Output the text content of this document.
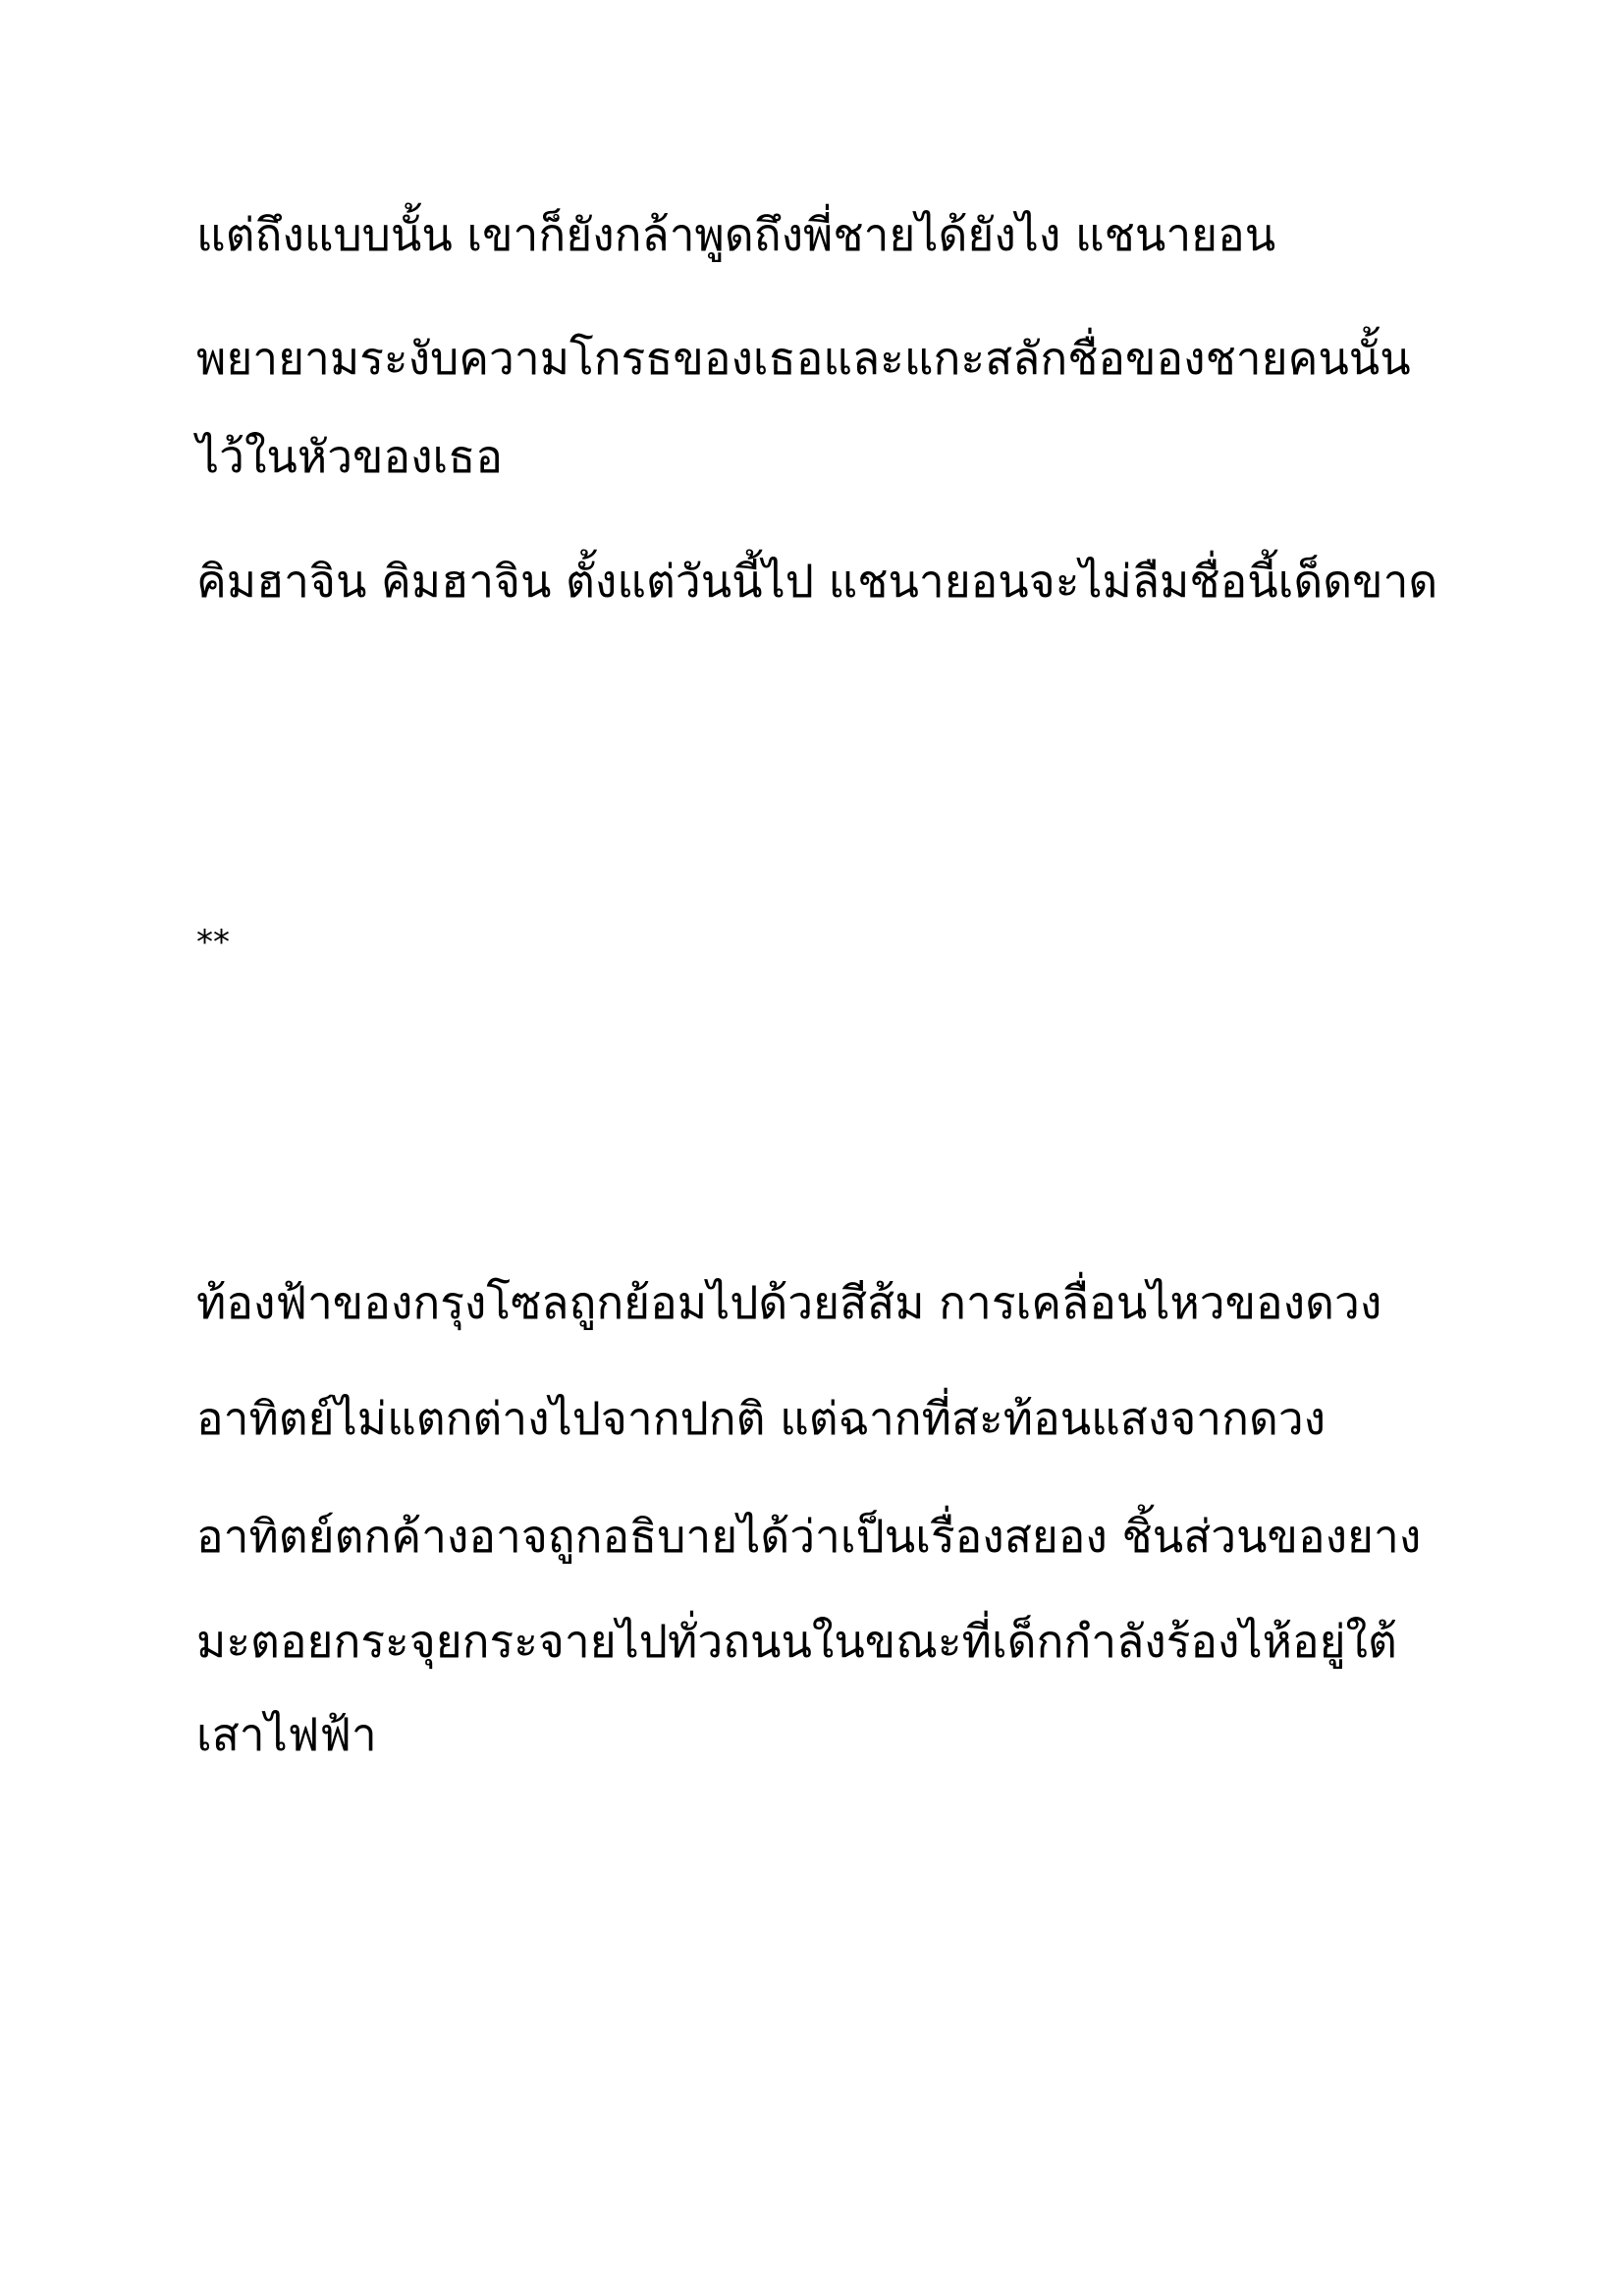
แต่ถึงแบบนั้น เขาก็ยังกล้าพูดถึงพี่ชายได้ยังไง แชนายอน

พยายามระงับความโกรธของเธอและแกะสลักชื่อของชายคนนั้น

ไว้ในหัวของเธอ

คิมฮาจิน คิมฮาจิน ตั้งแต่วันนี้ไป แชนายอนจะไม่ลืมชื่อนี้เด็ดขาด

**

ท้องฟ้าของกรุงโซลถูกย้อมไปด้วยสีส้ม การเคลื่อนไหวของดวง

อาทิตย์ไม่แตกต่างไปจากปกติ แต่ฉากที่สะท้อนแสงจากดวง

อาทิตย์ตกค้างอาจถูกอธิบายได้ว่าเป็นเรื่องสยอง ชิ้นส่วนของยาง

มะตอยกระจุยกระจายไปทั่วถนนในขณะที่เด็กกำลังร้องไห้อยู่ใต้

เสาไฟฟ้า
